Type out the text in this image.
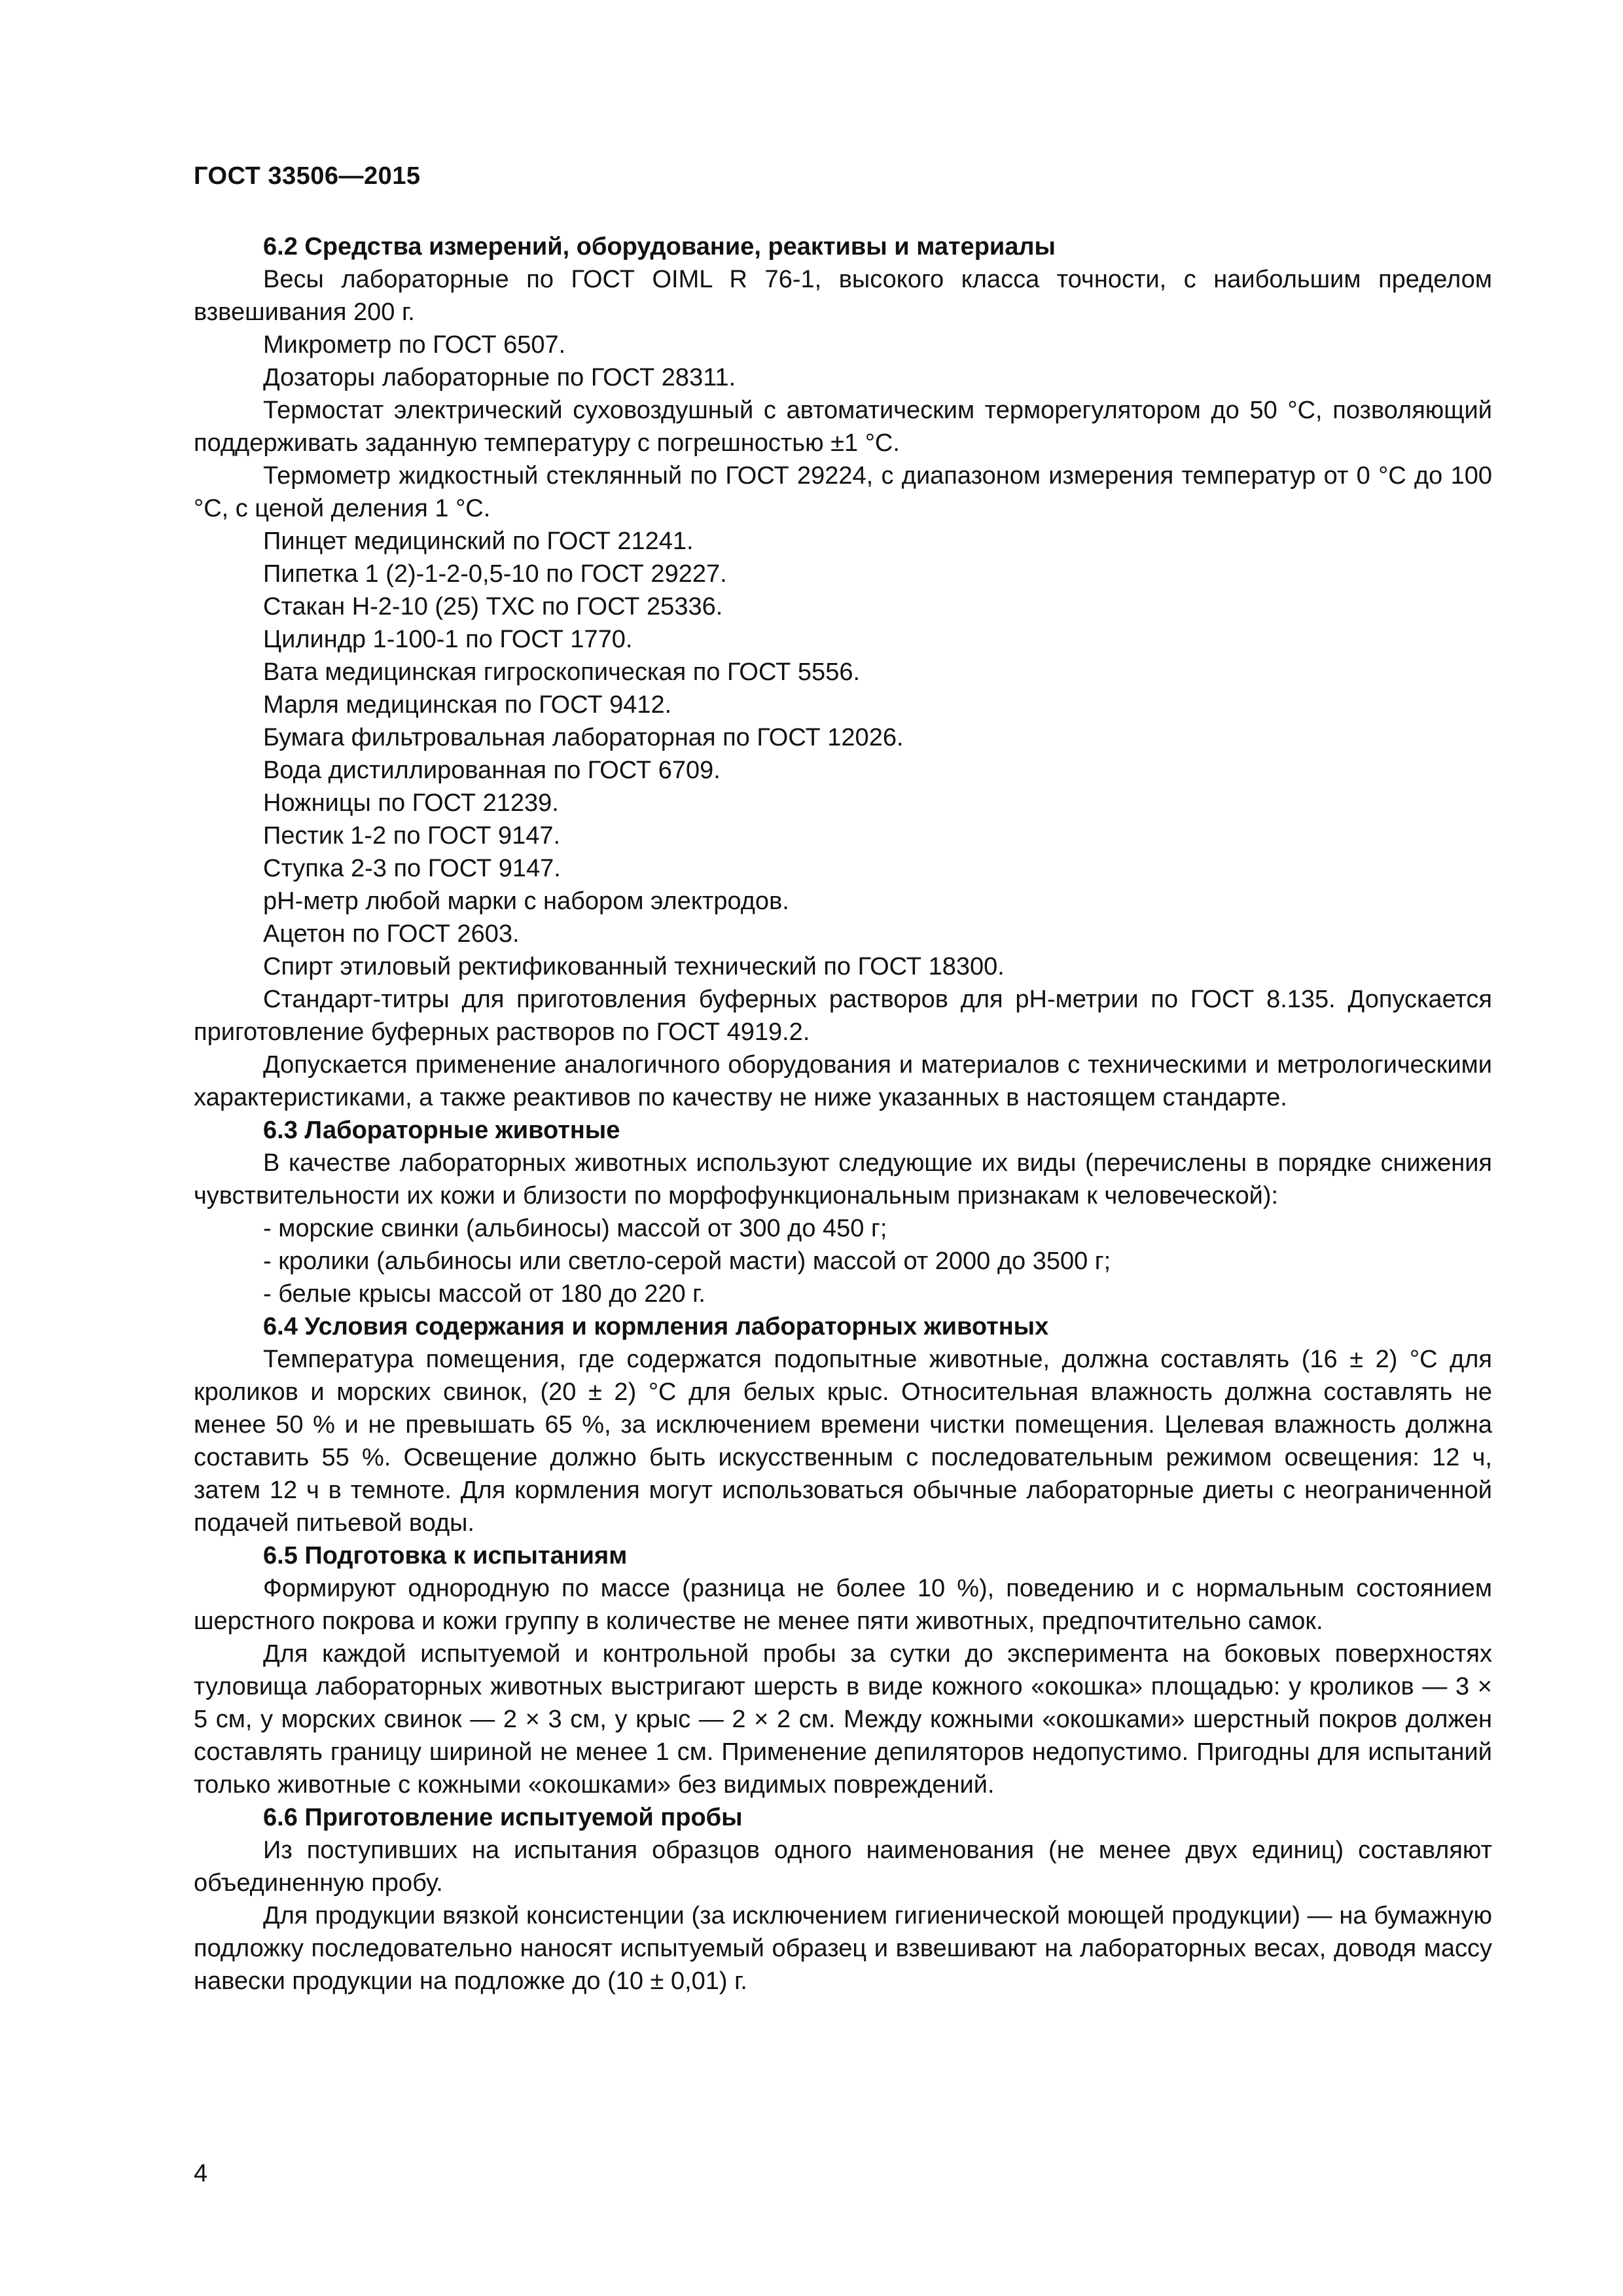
ГОСТ 33506—2015

6.2 Средства измерений, оборудование, реактивы и материалы

Весы лабораторные по ГОСТ OIML R 76-1, высокого класса точности, с наибольшим пределом взвешивания 200 г.

Микрометр по ГОСТ 6507.

Дозаторы лабораторные по ГОСТ 28311.

Термостат электрический суховоздушный с автоматическим терморегулятором до 50 °С, позволяющий поддерживать заданную температуру с погрешностью ±1 °С.

Термометр жидкостный стеклянный по ГОСТ 29224, с диапазоном измерения температур от 0 °С до 100 °С, с ценой деления 1 °С.

Пинцет медицинский по ГОСТ 21241.

Пипетка 1 (2)-1-2-0,5-10 по ГОСТ 29227.

Стакан Н-2-10 (25) ТХС по ГОСТ 25336.

Цилиндр 1-100-1 по ГОСТ 1770.

Вата медицинская гигроскопическая по ГОСТ 5556.

Марля медицинская по ГОСТ 9412.

Бумага фильтровальная лабораторная по ГОСТ 12026.

Вода дистиллированная по ГОСТ 6709.

Ножницы по ГОСТ 21239.

Пестик 1-2 по ГОСТ 9147.

Ступка 2-3 по ГОСТ 9147.

рН-метр любой марки с набором электродов.

Ацетон по ГОСТ 2603.

Спирт этиловый ректификованный технический по ГОСТ 18300.

Стандарт-титры для приготовления буферных растворов для рН-метрии по ГОСТ 8.135. Допускается приготовление буферных растворов по ГОСТ 4919.2.

Допускается применение аналогичного оборудования и материалов с техническими и метрологическими характеристиками, а также реактивов по качеству не ниже указанных в настоящем стандарте.

6.3 Лабораторные животные

В качестве лабораторных животных используют следующие их виды (перечислены в порядке снижения чувствительности их кожи и близости по морфофункциональным признакам к человеческой):

- морские свинки (альбиносы) массой от 300 до 450 г;

- кролики (альбиносы или светло-серой масти) массой от 2000 до 3500 г;

- белые крысы массой от 180 до 220 г.

6.4 Условия содержания и кормления лабораторных животных

Температура помещения, где содержатся подопытные животные, должна составлять (16 ± 2) °С для кроликов и морских свинок, (20 ± 2) °С для белых крыс. Относительная влажность должна составлять не менее 50 % и не превышать 65 %, за исключением времени чистки помещения. Целевая влажность должна составить 55 %. Освещение должно быть искусственным с последовательным режимом освещения: 12 ч, затем 12 ч в темноте. Для кормления могут использоваться обычные лабораторные диеты с неограниченной подачей питьевой воды.

6.5 Подготовка к испытаниям

Формируют однородную по массе (разница не более 10 %), поведению и с нормальным состоянием шерстного покрова и кожи группу в количестве не менее пяти животных, предпочтительно самок.

Для каждой испытуемой и контрольной пробы за сутки до эксперимента на боковых поверхностях туловища лабораторных животных выстригают шерсть в виде кожного «окошка» площадью: у кроликов — 3 × 5 см, у морских свинок — 2 × 3 см, у крыс — 2 × 2 см. Между кожными «окошками» шерстный покров должен составлять границу шириной не менее 1 см. Применение депиляторов недопустимо. Пригодны для испытаний только животные с кожными «окошками» без видимых повреждений.

6.6 Приготовление испытуемой пробы

Из поступивших на испытания образцов одного наименования (не менее двух единиц) составляют объединенную пробу.

Для продукции вязкой консистенции (за исключением гигиенической моющей продукции) — на бумажную подложку последовательно наносят испытуемый образец и взвешивают на лабораторных весах, доводя массу навески продукции на подложке до (10 ± 0,01) г.

4
